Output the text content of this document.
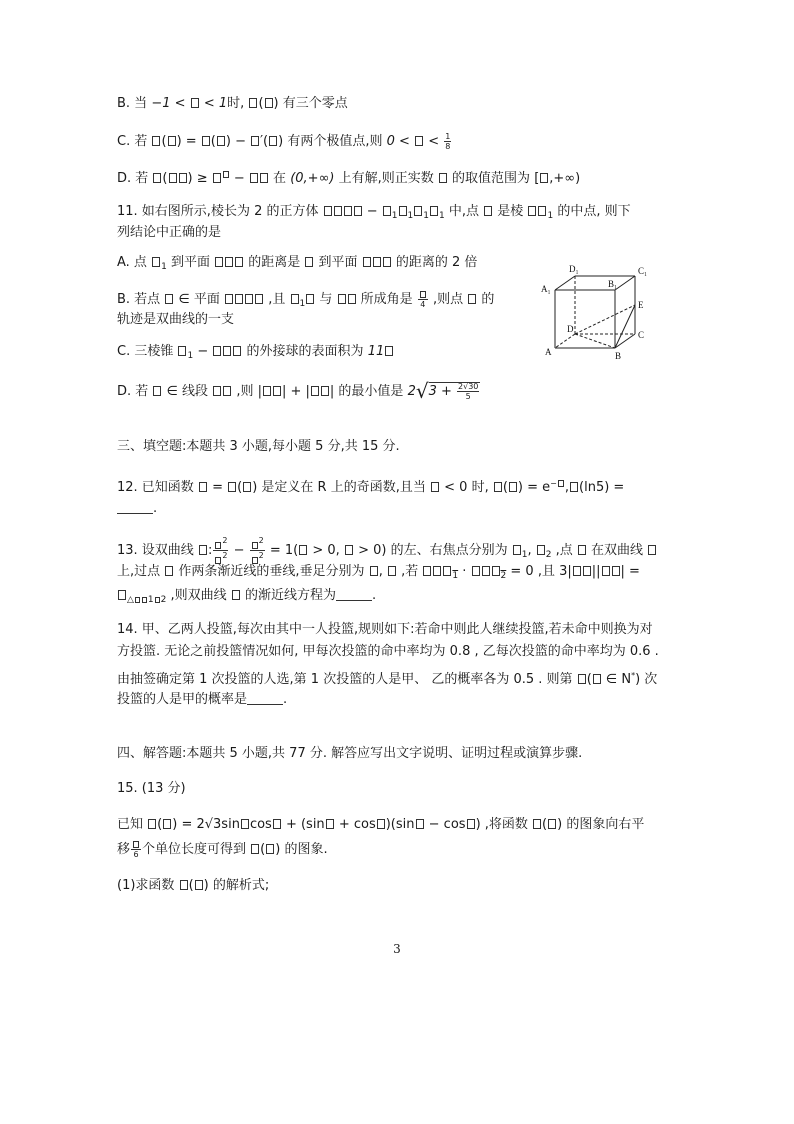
B. 当 −1 < < 1时, ( ) 有三个零点
C. 若 ( ) = ( ) − ′( ) 有两个极值点,则 0 <  < $\frac{1}{8}$
D. 若 ( ) ≥  −  在 (0,+∞) 上有解,则正实数 的取值范围为 [ ,+∞)
11. 如右图所示,棱长为 2 的正方体	− $_1$ $_1$ $_1$ $_1$ 中,点 是棱	$_1$ 的中点, 则下
列结论中正确的是
A. 点 $_1$ 到平面	的距离是 到平面	的距离的 2 倍
B. 若点 ∈ 平面	,且 $_1$ 与 所成角是 4 ,则点 的
轨迹是双曲线的一支
C. 三棱锥 $_1$ −	的外接球的表面积为 11
D. 若 ∈ 线段 ,则 | | + | | 的最小值是 $2√3 + \frac{2√30}{5}$
D₁	C₁
A₁	B₁
E
D
C
A	B
三、填空题:本题共 3 小题,每小题 5 分,共 15 分.
12. 已知函数  = ( ) 是定义在 R 上的奇函数,且当 < 0 时, ( ) = e− , (ln5) =
.
13. 设双曲线 : $\frac{2}{2} - \frac{2}{2} = 1( > 0$, > 0) 的左、右焦点分别为 $_1$, $_2$ ,点 在双曲线
上,过点 作两条渐近线的垂线,垂足分别为 ,  ,若	$_1$ ·	$_2$ = 0 ,且 3| || | =
$_{\triangle 1 2}$ ,则双曲线 的渐近线方程为	.
14. 甲、乙两人投篮,每次由其中一人投篮,规则如下:若命中则此人继续投篮,若未命中则换为对
方投篮. 无论之前投篮情况如何, 甲每次投篮的命中率均为 0.8 , 乙每次投篮的命中率均为 0.6 .
由抽签确定第 1 次投篮的人选,第 1 次投篮的人是甲、 乙的概率各为 0.5 . 则第 ( ∈ N*) 次
投篮的人是甲的概率是	.
四、解答题:本题共 5 小题,共 77 分. 解答应写出文字说明、证明过程或演算步骤.
15. (13 分)
已知 ( ) = 2√3sin cos + (sin + cos )(sin − cos ) ,将函数 ( ) 的图象向右平
移 6 个单位长度可得到 ( ) 的图象.
(1)求函数 ( ) 的解析式;
3
